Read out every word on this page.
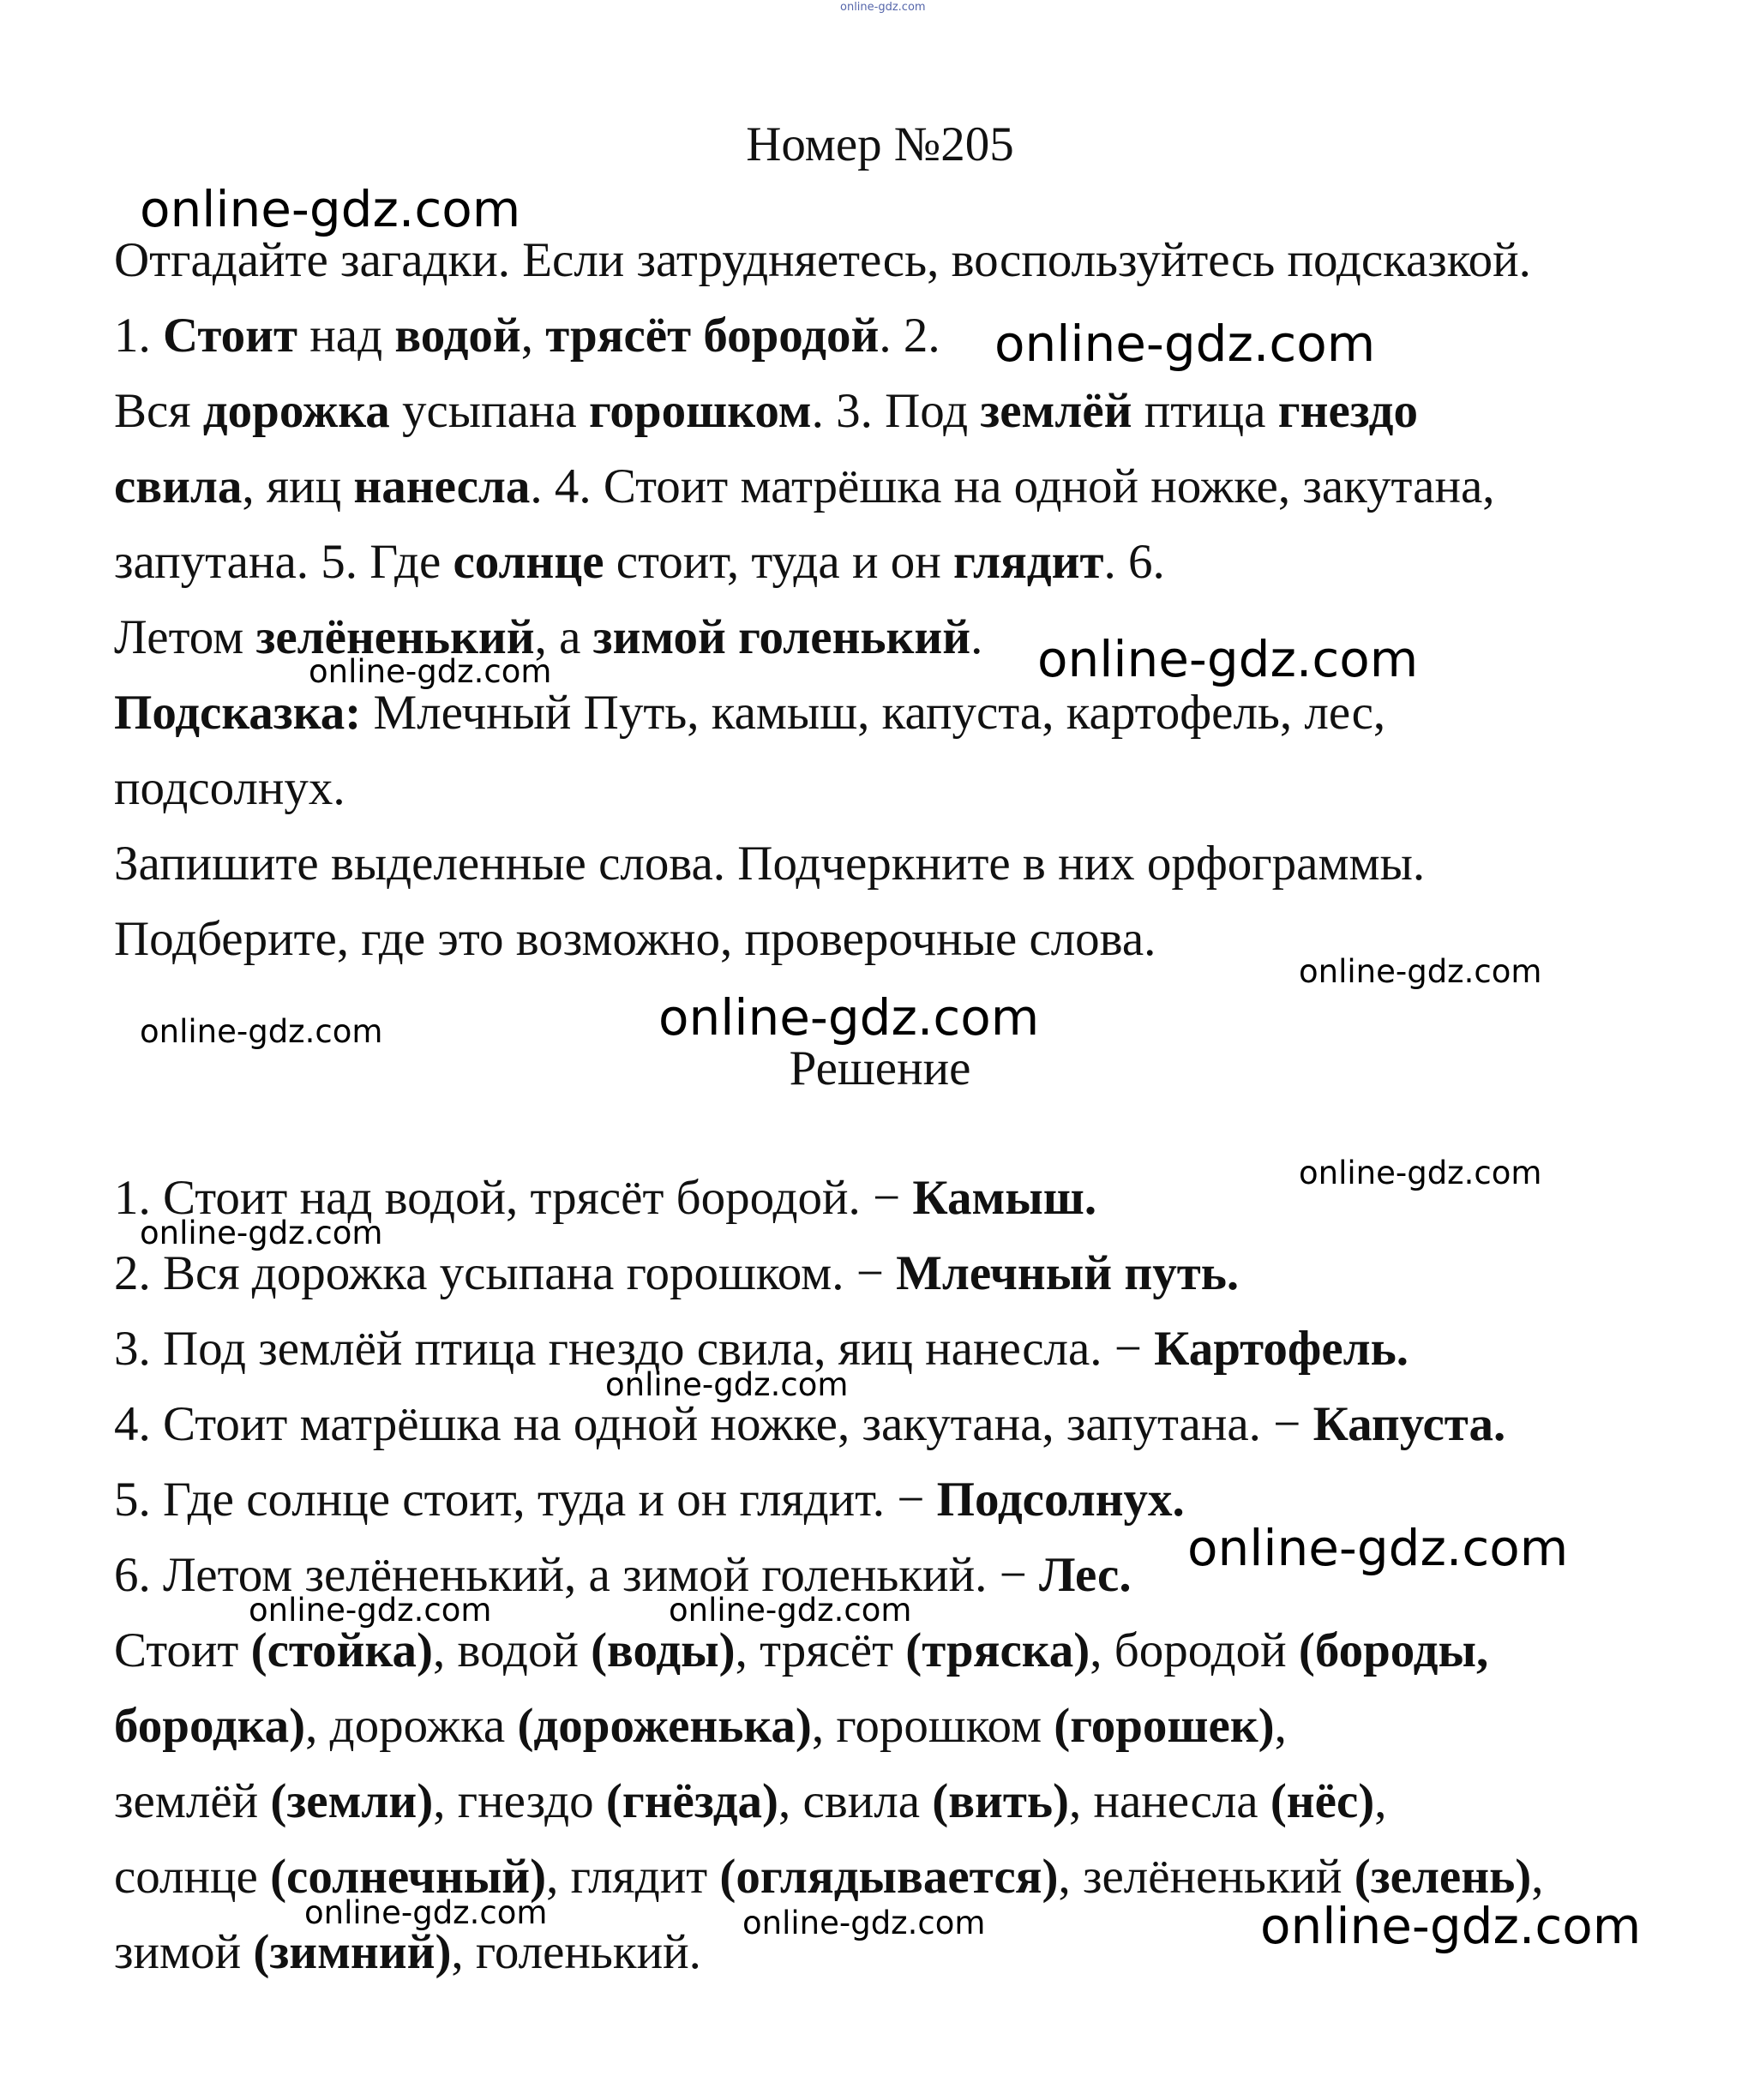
online-gdz.com
Номер №205
Отгадайте загадки. Если затрудняетесь, воспользуйтесь подсказкой.
1. Стоит над водой, трясёт бородой. 2.
Вся дорожка усыпана горошком. 3. Под землёй птица гнездо
свила, яиц нанесла. 4. Стоит матрёшка на одной ножке, закутана,
запутана. 5. Где солнце стоит, туда и он глядит. 6.
Летом зелёненький, а зимой голенький.
Подсказка: Млечный Путь, камыш, капуста, картофель, лес,
подсолнух.
Запишите выделенные слова. Подчеркните в них орфограммы.
Подберите, где это возможно, проверочные слова.
Решение
1. Стоит над водой, трясёт бородой. − Камыш.
2. Вся дорожка усыпана горошком. − Млечный путь.
3. Под землёй птица гнездо свила, яиц нанесла. − Картофель.
4. Стоит матрёшка на одной ножке, закутана, запутана. − Капуста.
5. Где солнце стоит, туда и он глядит. − Подсолнух.
6. Летом зелёненький, а зимой голенький. − Лес.
Стоит (стойка), водой (воды), трясёт (тряска), бородой (бороды,
бородка), дорожка (дороженька), горошком (горошек),
землёй (земли), гнездо (гнёзда), свила (вить), нанесла (нёс),
солнце (солнечный), глядит (оглядывается), зелёненький (зелень),
зимой (зимний), голенький.
online-gdz.com
online-gdz.com
online-gdz.com
online-gdz.com
online-gdz.com
online-gdz.com
online-gdz.com
online-gdz.com
online-gdz.com
online-gdz.com
online-gdz.com
online-gdz.com	online-gdz.com
online-gdz.com	online-gdz.com	online-gdz.com
